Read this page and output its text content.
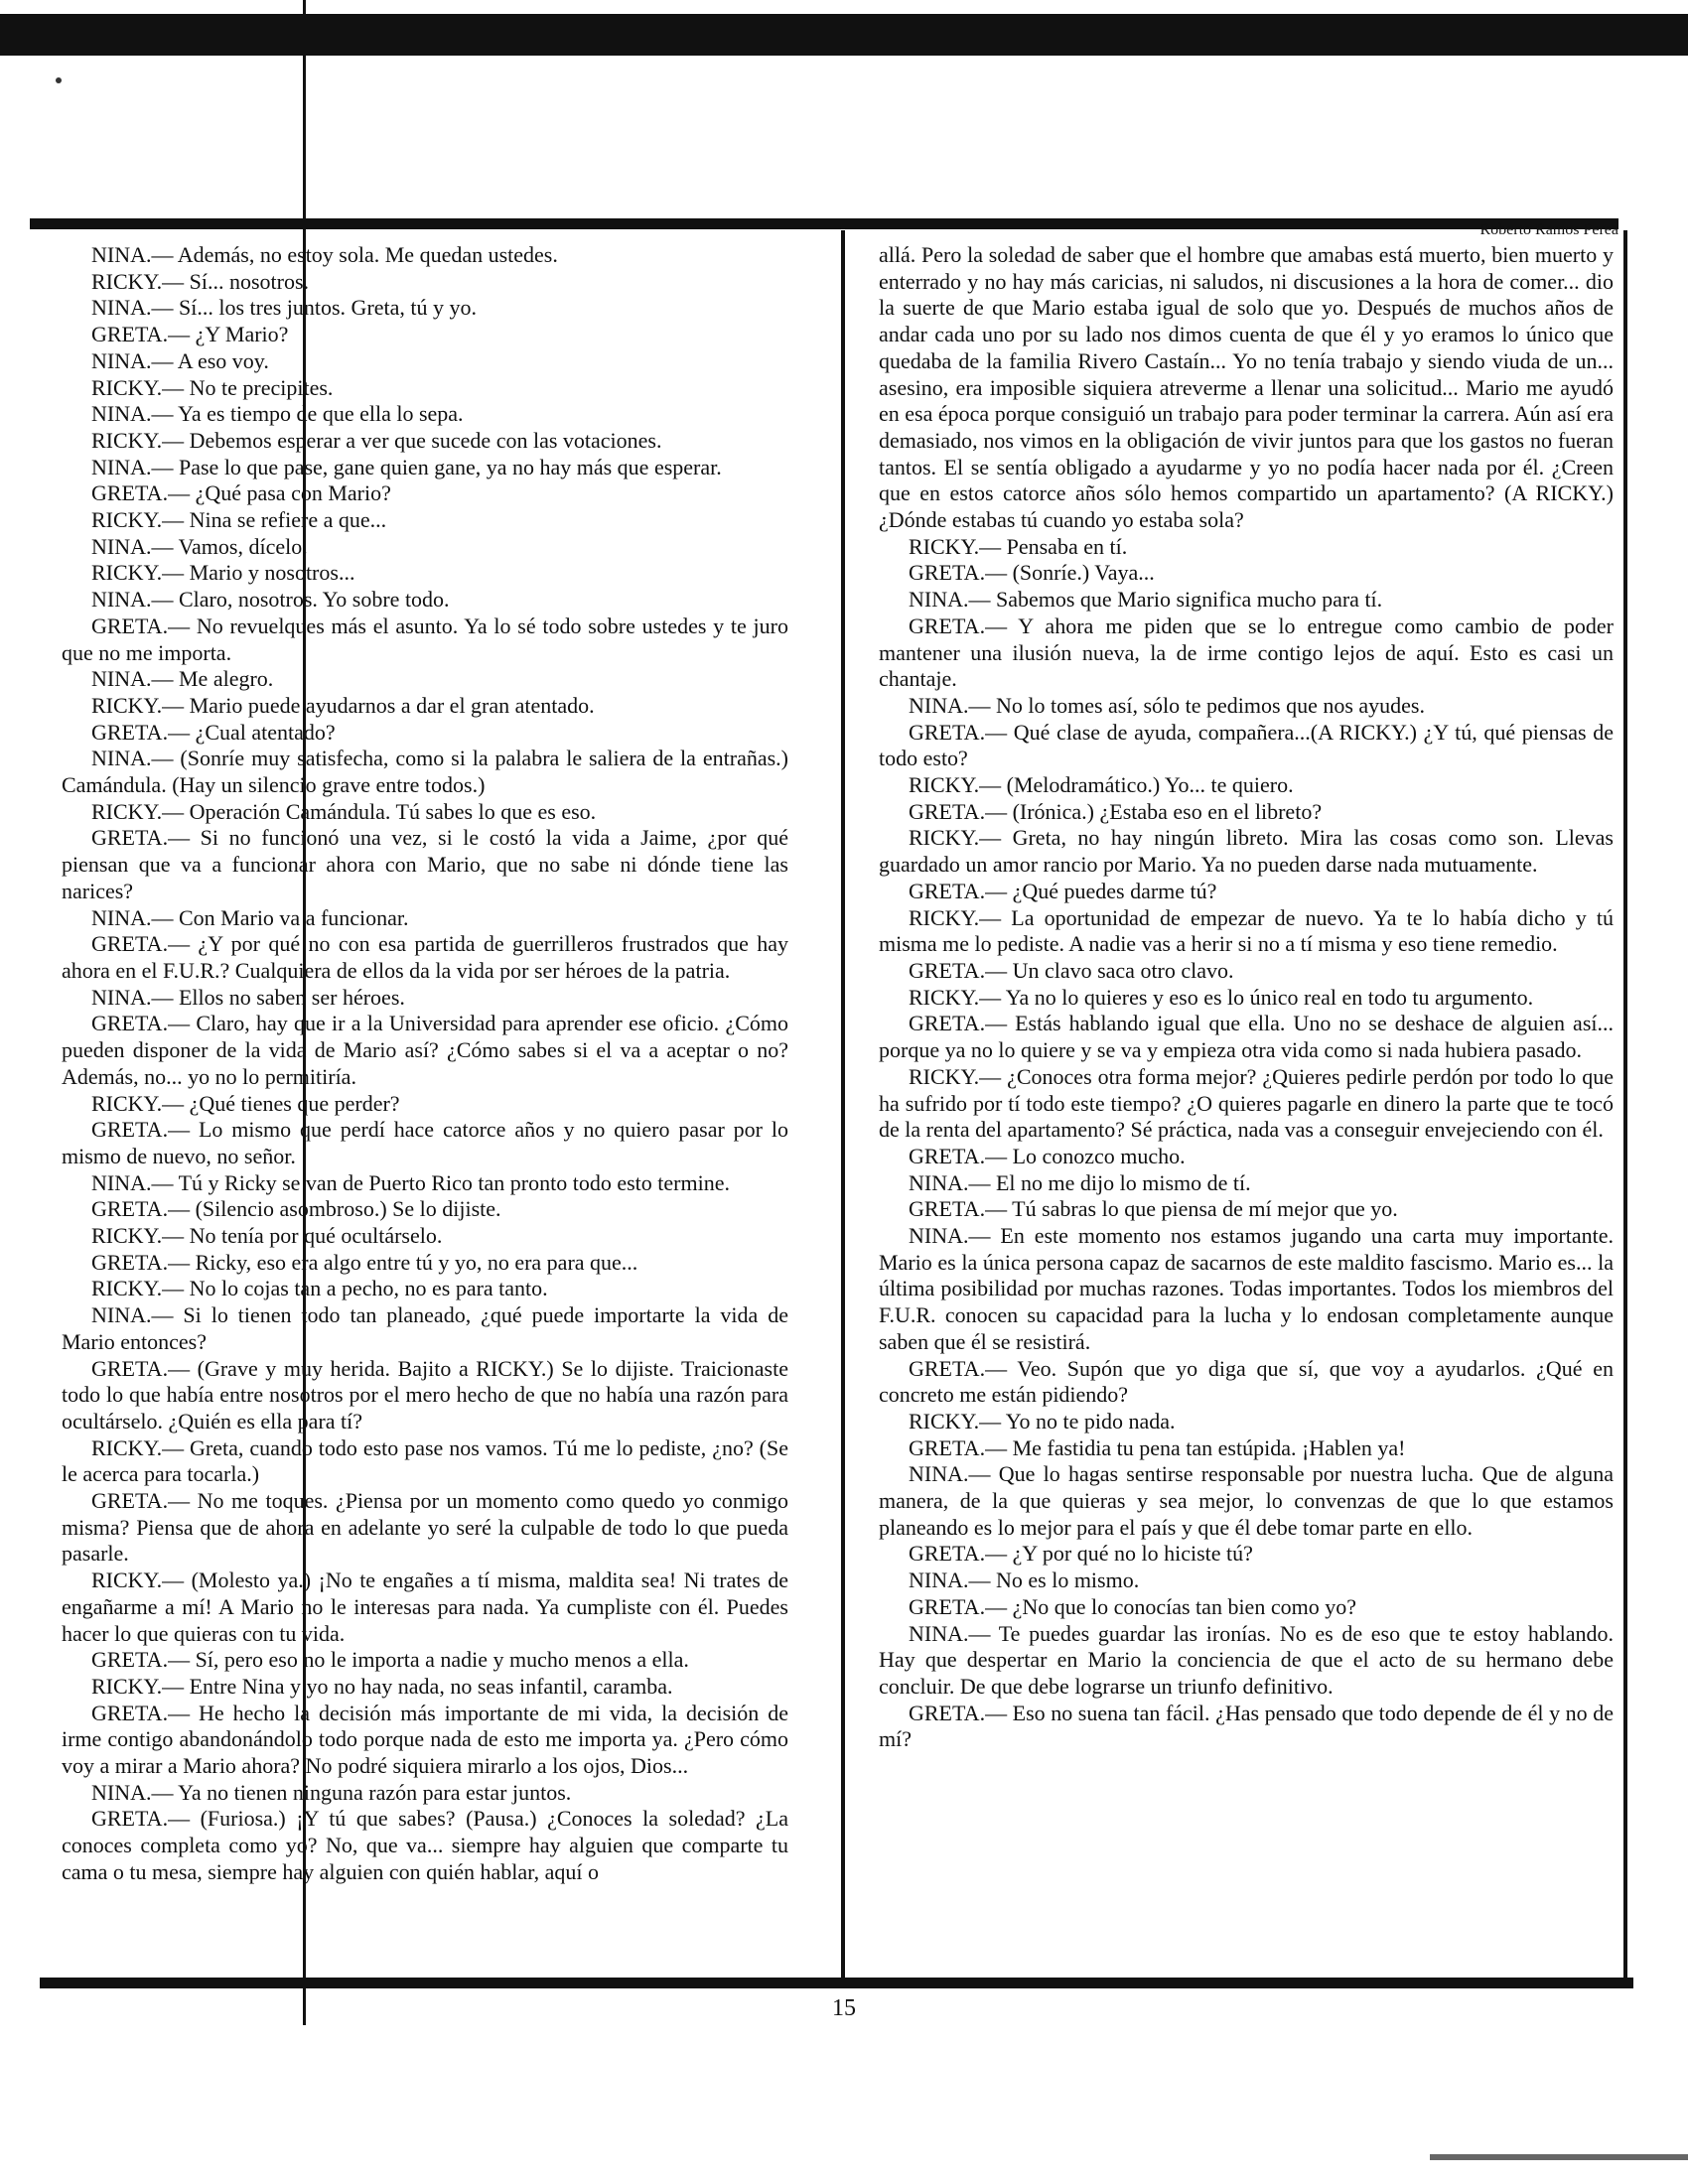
Roberto Ramos Perea

NINA.— Además, no estoy sola. Me quedan ustedes.

RICKY.— Sí... nosotros.

NINA.— Sí... los tres juntos. Greta, tú y yo.

GRETA.— ¿Y Mario?

NINA.— A eso voy.

RICKY.— No te precipites.

NINA.— Ya es tiempo de que ella lo sepa.

RICKY.— Debemos esperar a ver que sucede con las votaciones.

NINA.— Pase lo que pase, gane quien gane, ya no hay más que esperar.

GRETA.— ¿Qué pasa con Mario?

RICKY.— Nina se refiere a que...

NINA.— Vamos, dícelo.

RICKY.— Mario y nosotros...

NINA.— Claro, nosotros. Yo sobre todo.

GRETA.— No revuelques más el asunto. Ya lo sé todo sobre ustedes y te juro que no me importa.

NINA.— Me alegro.

RICKY.— Mario puede ayudarnos a dar el gran atentado.

GRETA.— ¿Cual atentado?

NINA.— (Sonríe muy satisfecha, como si la palabra le saliera de la entrañas.) Camándula. (Hay un silencio grave entre todos.)

RICKY.— Operación Camándula. Tú sabes lo que es eso.

GRETA.— Si no funcionó una vez, si le costó la vida a Jaime, ¿por qué piensan que va a funcionar ahora con Mario, que no sabe ni dónde tiene las narices?

NINA.— Con Mario va a funcionar.

GRETA.— ¿Y por qué no con esa partida de guerrilleros frustrados que hay ahora en el F.U.R.? Cualquiera de ellos da la vida por ser héroes de la patria.

NINA.— Ellos no saben ser héroes.

GRETA.— Claro, hay que ir a la Universidad para aprender ese oficio. ¿Cómo pueden disponer de la vida de Mario así? ¿Cómo sabes si el va a aceptar o no? Además, no... yo no lo permitiría.

RICKY.— ¿Qué tienes que perder?

GRETA.— Lo mismo que perdí hace catorce años y no quiero pasar por lo mismo de nuevo, no señor.

NINA.— Tú y Ricky se van de Puerto Rico tan pronto todo esto termine.

GRETA.— (Silencio asombroso.) Se lo dijiste.

RICKY.— No tenía por qué ocultárselo.

GRETA.— Ricky, eso era algo entre tú y yo, no era para que...

RICKY.— No lo cojas tan a pecho, no es para tanto.

NINA.— Si lo tienen todo tan planeado, ¿qué puede importarte la vida de Mario entonces?

GRETA.— (Grave y muy herida. Bajito a RICKY.) Se lo dijiste. Traicionaste todo lo que había entre nosotros por el mero hecho de que no había una razón para ocultárselo. ¿Quién es ella para tí?

RICKY.— Greta, cuando todo esto pase nos vamos. Tú me lo pediste, ¿no? (Se le acerca para tocarla.)

GRETA.— No me toques. ¿Piensa por un momento como quedo yo conmigo misma? Piensa que de ahora en adelante yo seré la culpable de todo lo que pueda pasarle.

RICKY.— (Molesto ya.) ¡No te engañes a tí misma, maldita sea! Ni trates de engañarme a mí! A Mario no le interesas para nada. Ya cumpliste con él. Puedes hacer lo que quieras con tu vida.

GRETA.— Sí, pero eso no le importa a nadie y mucho menos a ella.

RICKY.— Entre Nina y yo no hay nada, no seas infantil, caramba.

GRETA.— He hecho la decisión más importante de mi vida, la decisión de irme contigo abandonándolo todo porque nada de esto me importa ya. ¿Pero cómo voy a mirar a Mario ahora? No podré siquiera mirarlo a los ojos, Dios...

NINA.— Ya no tienen ninguna razón para estar juntos.

GRETA.— (Furiosa.) ¡Y tú que sabes? (Pausa.) ¿Conoces la soledad? ¿La conoces completa como yo? No, que va... siempre hay alguien que comparte tu cama o tu mesa, siempre hay alguien con quién hablar, aquí o

allá. Pero la soledad de saber que el hombre que amabas está muerto, bien muerto y enterrado y no hay más caricias, ni saludos, ni discusiones a la hora de comer... dio la suerte de que Mario estaba igual de solo que yo. Después de muchos años de andar cada uno por su lado nos dimos cuenta de que él y yo eramos lo único que quedaba de la familia Rivero Castaín... Yo no tenía trabajo y siendo viuda de un... asesino, era imposible siquiera atreverme a llenar una solicitud... Mario me ayudó en esa época porque consiguió un trabajo para poder terminar la carrera. Aún así era demasiado, nos vimos en la obligación de vivir juntos para que los gastos no fueran tantos. El se sentía obligado a ayudarme y yo no podía hacer nada por él. ¿Creen que en estos catorce años sólo hemos compartido un apartamento? (A RICKY.) ¿Dónde estabas tú cuando yo estaba sola?

RICKY.— Pensaba en tí.

GRETA.— (Sonríe.) Vaya...

NINA.— Sabemos que Mario significa mucho para tí.

GRETA.— Y ahora me piden que se lo entregue como cambio de poder mantener una ilusión nueva, la de irme contigo lejos de aquí. Esto es casi un chantaje.

NINA.— No lo tomes así, sólo te pedimos que nos ayudes.

GRETA.— Qué clase de ayuda, compañera...(A RICKY.) ¿Y tú, qué piensas de todo esto?

RICKY.— (Melodramático.) Yo... te quiero.

GRETA.— (Irónica.) ¿Estaba eso en el libreto?

RICKY.— Greta, no hay ningún libreto. Mira las cosas como son. Llevas guardado un amor rancio por Mario. Ya no pueden darse nada mutuamente.

GRETA.— ¿Qué puedes darme tú?

RICKY.— La oportunidad de empezar de nuevo. Ya te lo había dicho y tú misma me lo pediste. A nadie vas a herir si no a tí misma y eso tiene remedio.

GRETA.— Un clavo saca otro clavo.

RICKY.— Ya no lo quieres y eso es lo único real en todo tu argumento.

GRETA.— Estás hablando igual que ella. Uno no se deshace de alguien así... porque ya no lo quiere y se va y empieza otra vida como si nada hubiera pasado.

RICKY.— ¿Conoces otra forma mejor? ¿Quieres pedirle perdón por todo lo que ha sufrido por tí todo este tiempo? ¿O quieres pagarle en dinero la parte que te tocó de la renta del apartamento? Sé práctica, nada vas a conseguir envejeciendo con él.

GRETA.— Lo conozco mucho.

NINA.— El no me dijo lo mismo de tí.

GRETA.— Tú sabras lo que piensa de mí mejor que yo.

NINA.— En este momento nos estamos jugando una carta muy importante. Mario es la única persona capaz de sacarnos de este maldito fascismo. Mario es... la última posibilidad por muchas razones. Todas importantes. Todos los miembros del F.U.R. conocen su capacidad para la lucha y lo endosan completamente aunque saben que él se resistirá.

GRETA.— Veo. Supón que yo diga que sí, que voy a ayudarlos. ¿Qué en concreto me están pidiendo?

RICKY.— Yo no te pido nada.

GRETA.— Me fastidia tu pena tan estúpida. ¡Hablen ya!

NINA.— Que lo hagas sentirse responsable por nuestra lucha. Que de alguna manera, de la que quieras y sea mejor, lo convenzas de que lo que estamos planeando es lo mejor para el país y que él debe tomar parte en ello.

GRETA.— ¿Y por qué no lo hiciste tú?

NINA.— No es lo mismo.

GRETA.— ¿No que lo conocías tan bien como yo?

NINA.— Te puedes guardar las ironías. No es de eso que te estoy hablando. Hay que despertar en Mario la conciencia de que el acto de su hermano debe concluir. De que debe lograrse un triunfo definitivo.

GRETA.— Eso no suena tan fácil. ¿Has pensado que todo depende de él y no de mí?

15
